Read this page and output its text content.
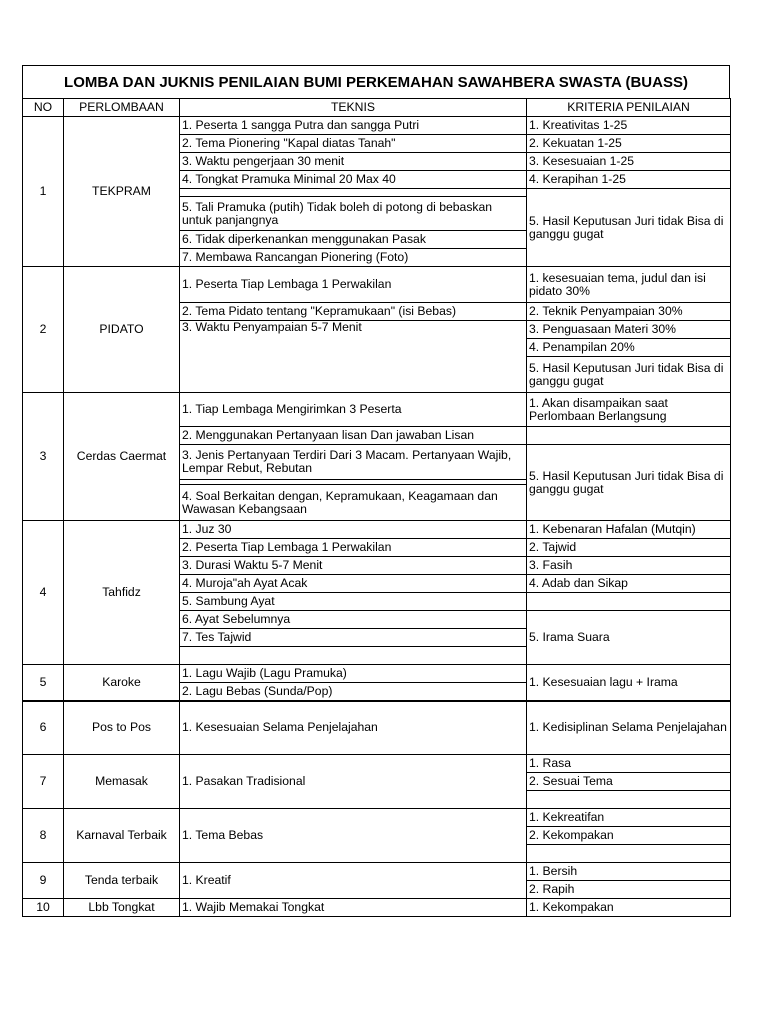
LOMBA DAN JUKNIS PENILAIAN BUMI PERKEMAHAN SAWAHBERA SWASTA (BUASS)
NO	PERLOMBAAN	TEKNIS	KRITERIA PENILAIAN
1	TEKPRAM	1. Peserta 1 sangga Putra dan sangga Putri	1. Kreativitas 1-25
		2. Tema Pionering "Kapal diatas Tanah"	2. Kekuatan 1-25
		3. Waktu pengerjaan 30 menit	3. Kesesuaian 1-25
		4. Tongkat Pramuka Minimal 20 Max 40	4. Kerapihan 1-25
			5. Hasil Keputusan Juri tidak Bisa di ganggu gugat
		5. Tali Pramuka (putih) Tidak boleh di potong di bebaskan untuk panjangnya	
		6. Tidak diperkenankan menggunakan Pasak	
		7. Membawa Rancangan Pionering (Foto)	
2	PIDATO	1. Peserta Tiap Lembaga 1 Perwakilan	1. kesesuaian tema, judul dan isi pidato 30%
		2. Tema Pidato tentang "Kepramukaan" (isi Bebas)	2. Teknik Penyampaian 30%
		3. Waktu Penyampaian 5-7 Menit	3. Penguasaan Materi 30%
			4. Penampilan 20%
			5. Hasil Keputusan Juri tidak Bisa di ganggu gugat
3	Cerdas Caermat	1. Tiap Lembaga Mengirimkan 3 Peserta	1. Akan disampaikan saat Perlombaan Berlangsung
		2. Menggunakan Pertanyaan lisan Dan jawaban Lisan	
		3. Jenis Pertanyaan Terdiri Dari 3 Macam. Pertanyaan Wajib, Lempar Rebut, Rebutan	5. Hasil Keputusan Juri tidak Bisa di ganggu gugat

		4. Soal Berkaitan dengan, Kepramukaan, Keagamaan dan Wawasan Kebangsaan	
4	Tahfidz	1. Juz 30	1. Kebenaran Hafalan (Mutqin)
		2. Peserta Tiap Lembaga 1 Perwakilan	2. Tajwid
		3. Durasi Waktu 5-7 Menit	3. Fasih
		4. Muroja"ah Ayat Acak	4. Adab dan Sikap
		5. Sambung Ayat	
		6. Ayat Sebelumnya	5. Irama Suara
		7. Tes Tajwid	

5	Karoke	1. Lagu Wajib (Lagu Pramuka)	1. Kesesuaian lagu + Irama
		2. Lagu Bebas (Sunda/Pop)	
6	Pos to Pos	1. Kesesuaian Selama Penjelajahan	1. Kedisiplinan Selama Penjelajahan
7	Memasak	1. Pasakan Tradisional	1. Rasa
			2. Sesuai Tema

8	Karnaval Terbaik	1. Tema Bebas	1. Kekreatifan
			2. Kekompakan

9	Tenda terbaik	1. Kreatif	1. Bersih
			2. Rapih
10	Lbb Tongkat	1. Wajib Memakai Tongkat	1. Kekompakan
